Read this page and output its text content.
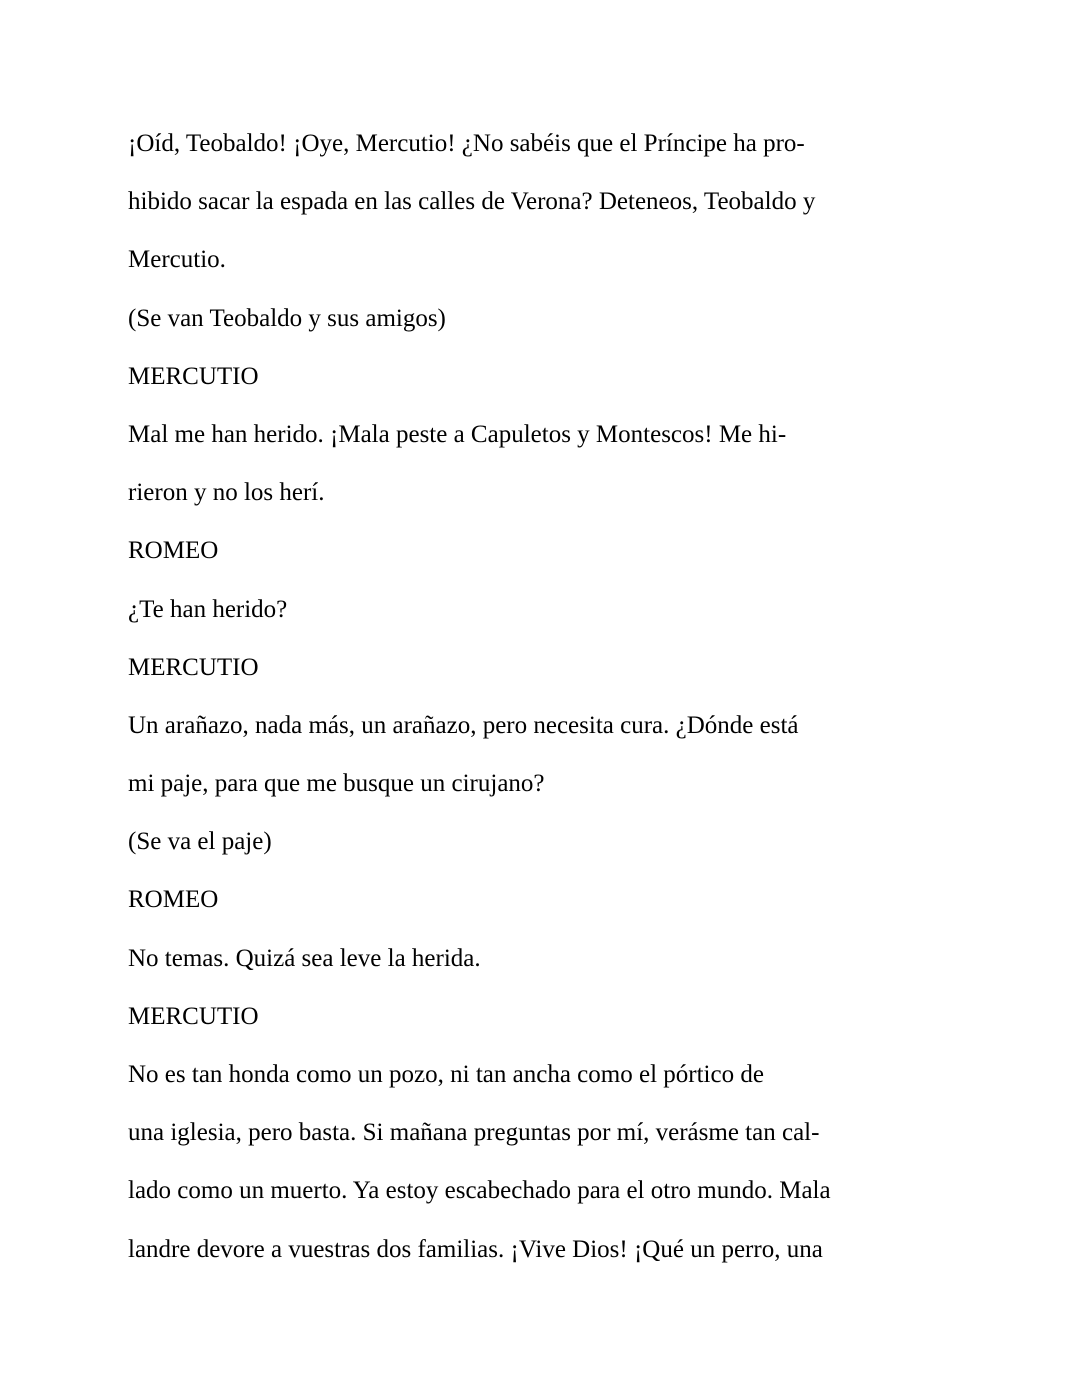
¡Oíd, Teobaldo! ¡Oye, Mercutio! ¿No sabéis que el Príncipe ha pro-

hibido sacar la espada en las calles de Verona? Deteneos, Teobaldo y

Mercutio.

(Se van Teobaldo y sus amigos)

MERCUTIO

Mal me han herido. ¡Mala peste a Capuletos y Montescos! Me hi-

rieron y no los herí.

ROMEO

¿Te han herido?

MERCUTIO

Un arañazo, nada más, un arañazo, pero necesita cura. ¿Dónde está

mi paje, para que me busque un cirujano?

(Se va el paje)

ROMEO

No temas. Quizá sea leve la herida.

MERCUTIO

No es tan honda como un pozo, ni tan ancha como el pórtico de

una iglesia, pero basta. Si mañana preguntas por mí, verásme tan cal-

lado como un muerto. Ya estoy escabechado para el otro mundo. Mala

landre devore a vuestras dos familias. ¡Vive Dios! ¡Qué un perro, una
